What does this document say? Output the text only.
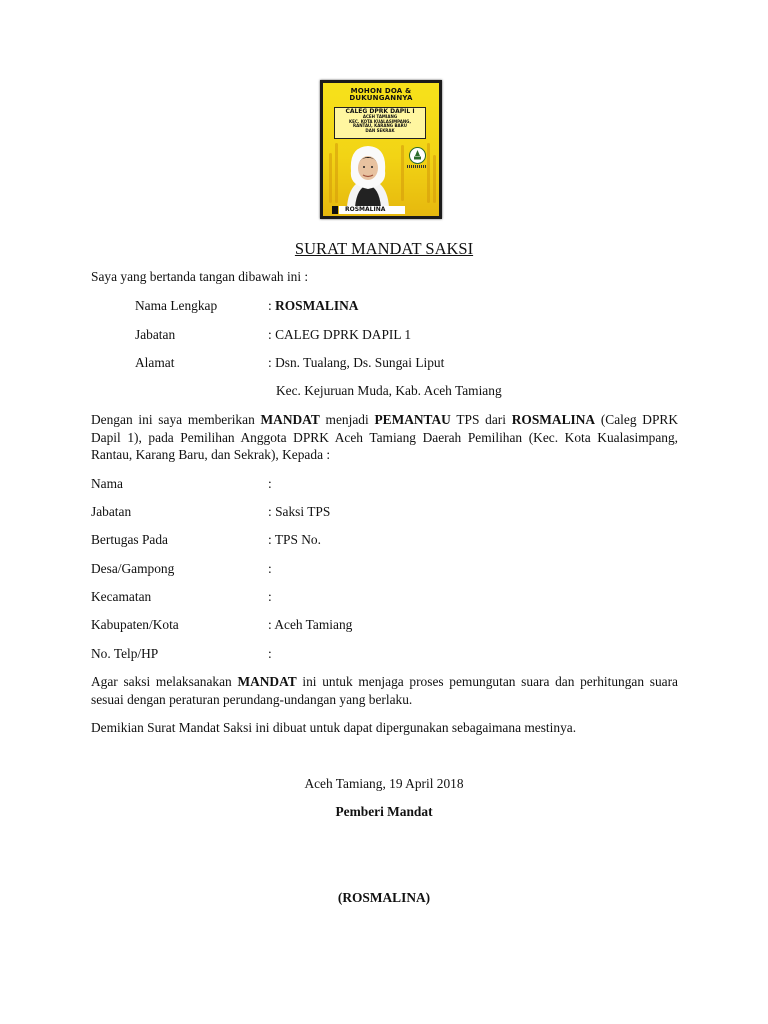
MOHON DOA &
DUKUNGANNYA
CALEG DPRK DAPIL I
ACEH TAMIANG
KEC. KOTA KUALASIMPANG,
RANTAU, KARANG BARU
DAN SEKRAK
ROSMALINA
SURAT MANDAT SAKSI
Saya yang bertanda tangan dibawah ini :
Nama Lengkap	: ROSMALINA
Jabatan	: CALEG DPRK DAPIL 1
Alamat	: Dsn. Tualang, Ds. Sungai Liput
Kec. Kejuruan Muda, Kab. Aceh Tamiang

Dengan ini saya memberikan MANDAT menjadi PEMANTAU TPS dari ROSMALINA (Caleg DPRK Dapil 1), pada Pemilihan Anggota DPRK Aceh Tamiang Daerah Pemilihan (Kec. Kota Kualasimpang, Rantau, Karang Baru, dan Sekrak), Kepada :

Nama	:
Jabatan	: Saksi TPS
Bertugas Pada	: TPS No.
Desa/Gampong	:
Kecamatan	:
Kabupaten/Kota	: Aceh Tamiang
No. Telp/HP	:

Agar saksi melaksanakan MANDAT ini untuk menjaga proses pemungutan suara dan perhitungan suara sesuai dengan peraturan perundang-undangan yang berlaku.

Demikian Surat Mandat Saksi ini dibuat untuk dapat dipergunakan sebagaimana mestinya.
Aceh Tamiang, 19 April 2018
Pemberi Mandat
(ROSMALINA)
